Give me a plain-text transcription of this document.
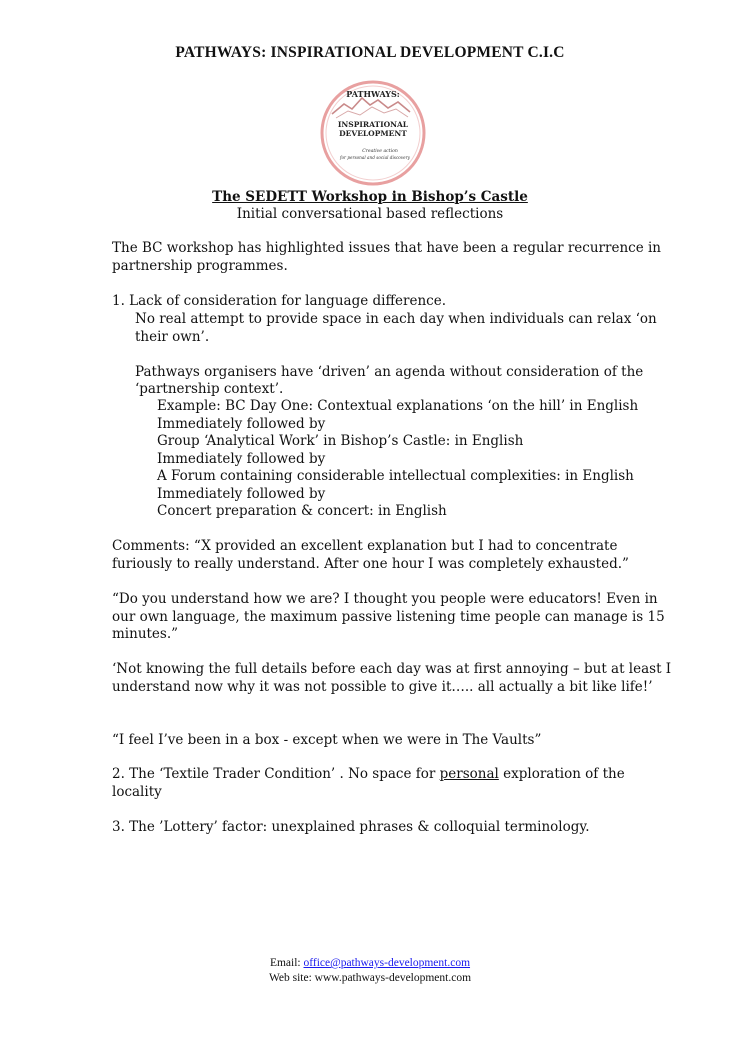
PATHWAYS: INSPIRATIONAL DEVELOPMENT C.I.C
PATHWAYS:
INSPIRATIONAL
DEVELOPMENT
Creative action
for personal and social discovery
The SEDETT Workshop in Bishop’s Castle
Initial conversational based reflections
The BC workshop has highlighted issues that have been a regular recurrence in
partnership programmes.
1. Lack of consideration for language difference.
No real attempt to provide space in each day when individuals can relax ‘on
their own’.
Pathways organisers have ‘driven’ an agenda without consideration of the
‘partnership context’.
Example: BC Day One: Contextual explanations ‘on the hill’ in English
Immediately followed by
Group ‘Analytical Work’ in Bishop’s Castle: in English
Immediately followed by
A Forum containing considerable intellectual complexities: in English
Immediately followed by
Concert preparation & concert: in English
Comments: “X provided an excellent explanation but I had to concentrate
furiously to really understand. After one hour I was completely exhausted.”
“Do you understand how we are? I thought you people were educators! Even in
our own language, the maximum passive listening time people can manage is 15
minutes.”
‘Not knowing the full details before each day was at first annoying – but at least I
understand now why it was not possible to give it….. all actually a bit like life!’
“I feel I’ve been in a box - except when we were in The Vaults”
2. The ‘Textile Trader Condition’ . No space for personal exploration of the
locality
3. The ’Lottery’ factor: unexplained phrases & colloquial terminology.
Email: office@pathways-development.com
Web site: www.pathways-development.com
